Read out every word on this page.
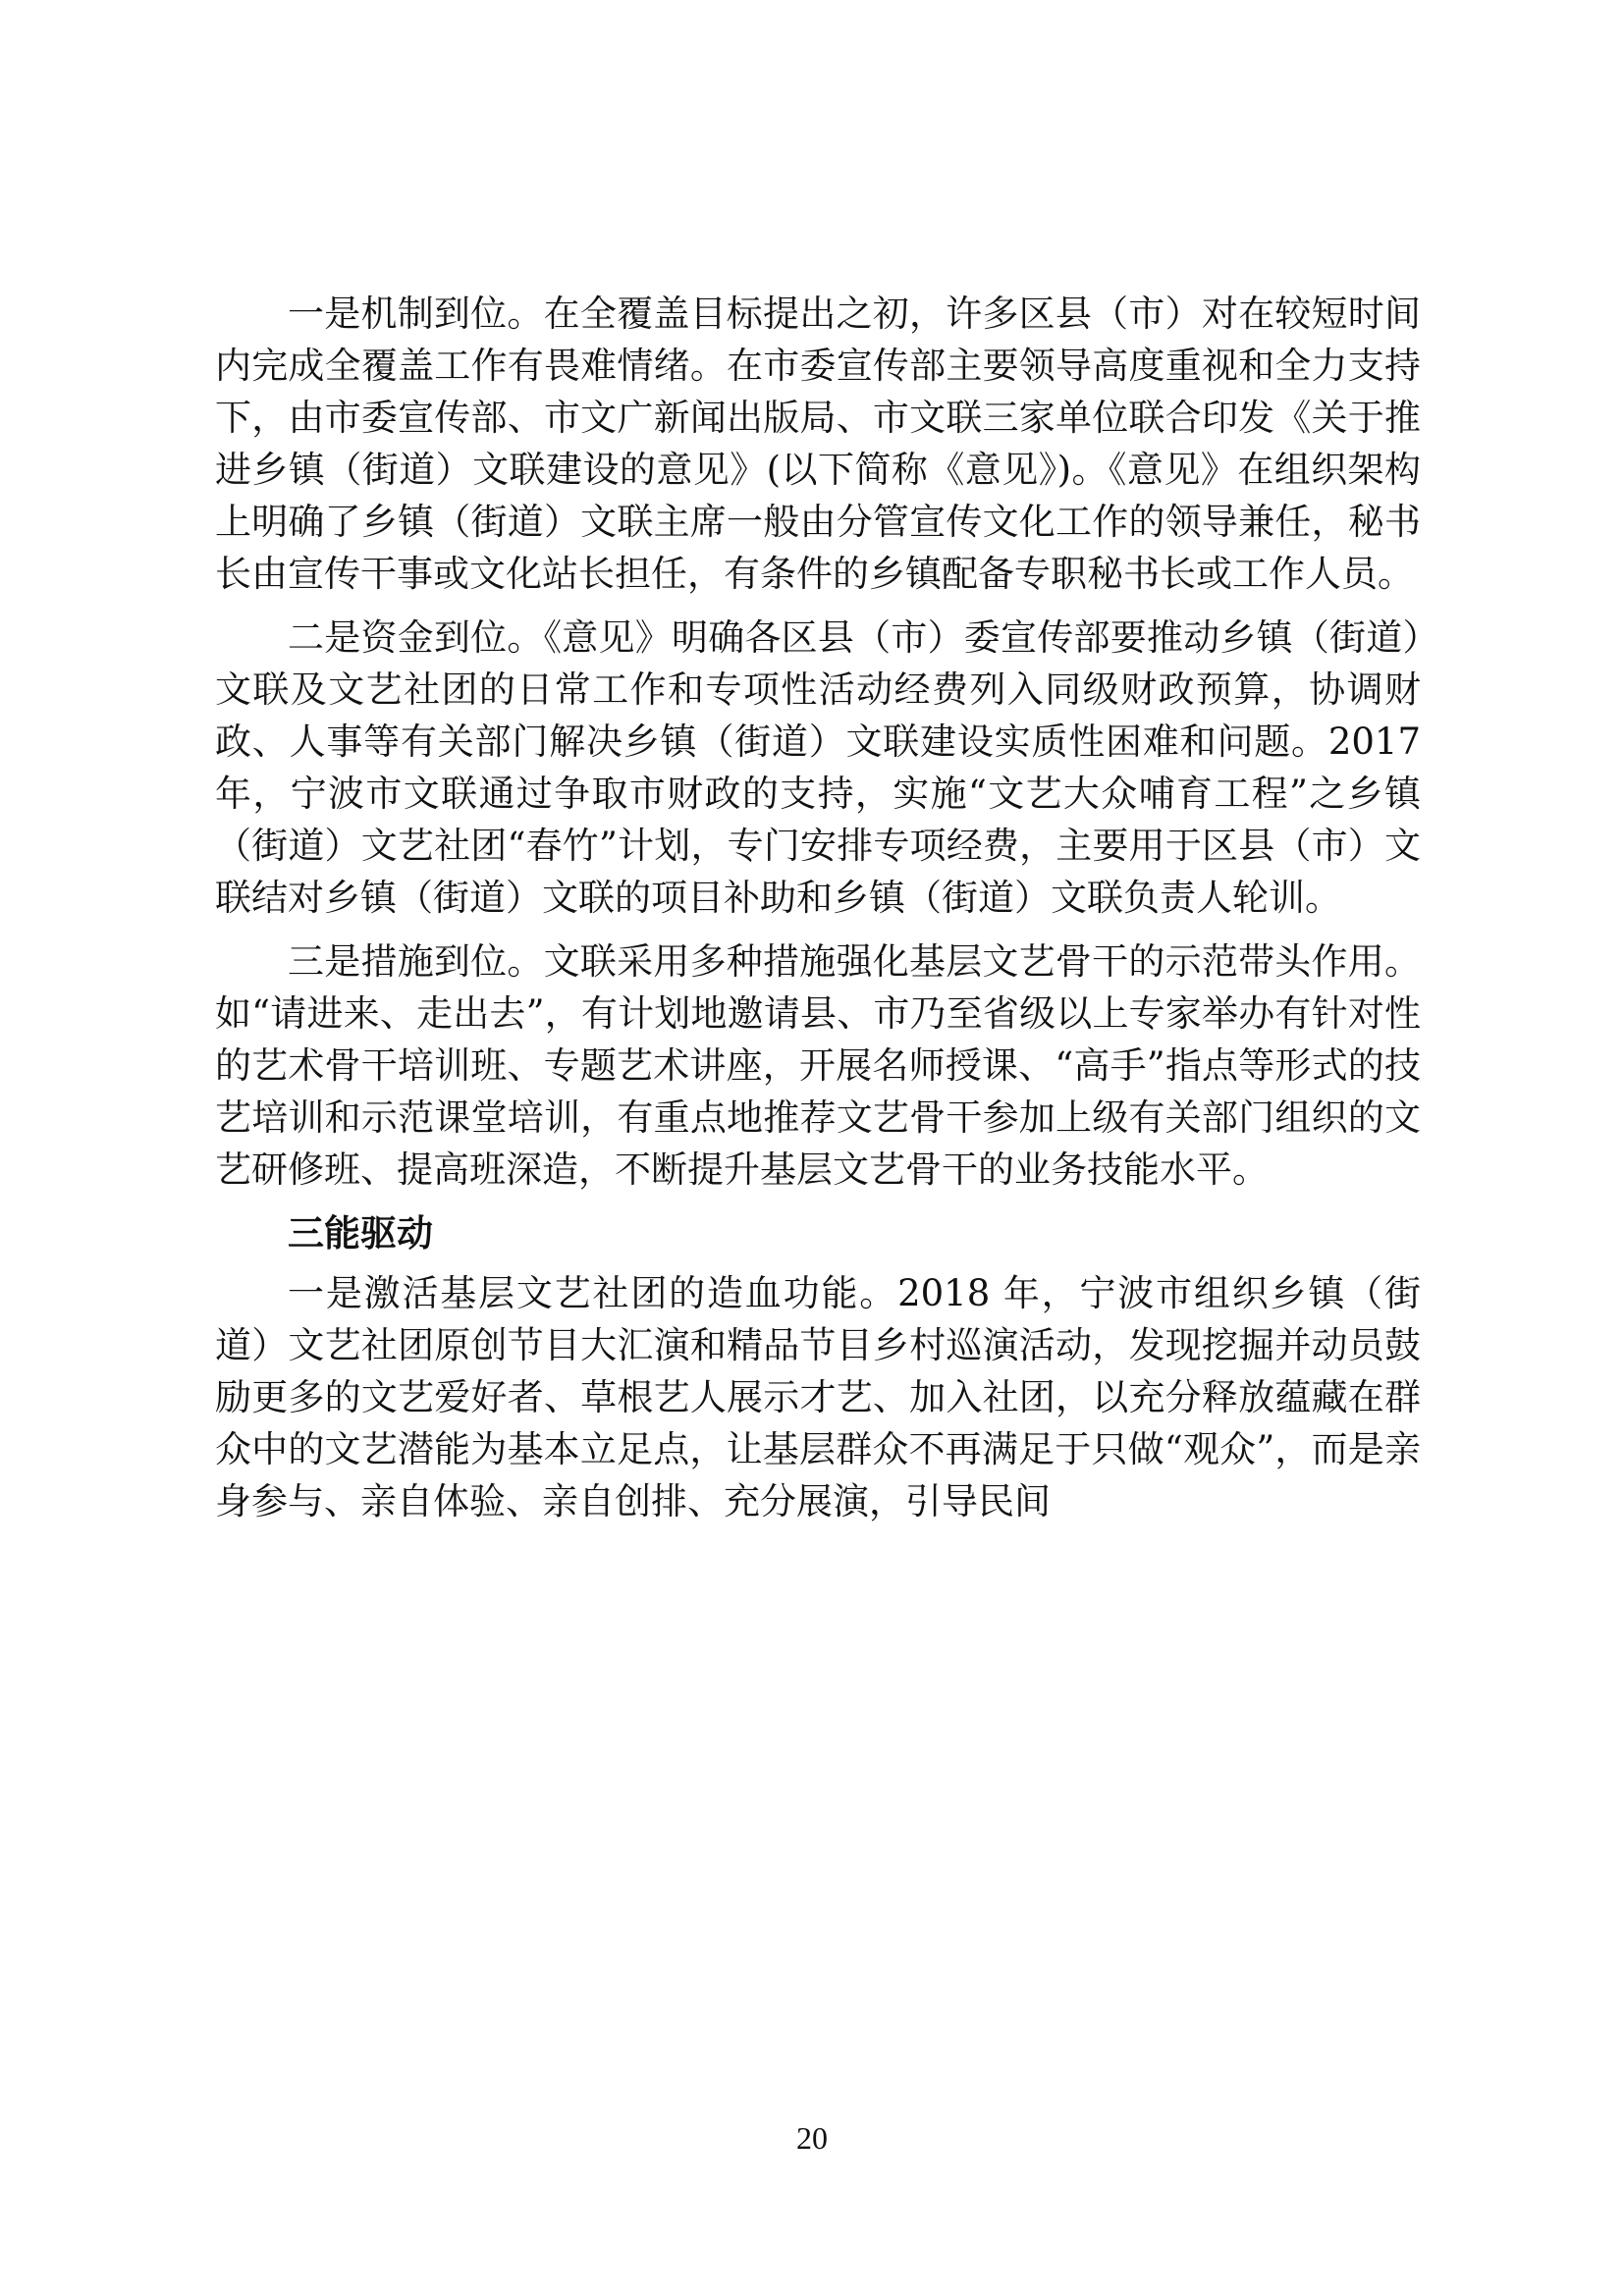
一是机制到位。在全覆盖目标提出之初，许多区县（市）对在较短时间内完成全覆盖工作有畏难情绪。在市委宣传部主要领导高度重视和全力支持下，由市委宣传部、市文广新闻出版局、市文联三家单位联合印发《关于推进乡镇（街道）文联建设的意见》(以下简称《意见》)。《意见》在组织架构上明确了乡镇（街道）文联主席一般由分管宣传文化工作的领导兼任，秘书长由宣传干事或文化站长担任，有条件的乡镇配备专职秘书长或工作人员。

二是资金到位。《意见》明确各区县（市）委宣传部要推动乡镇（街道）文联及文艺社团的日常工作和专项性活动经费列入同级财政预算，协调财政、人事等有关部门解决乡镇（街道）文联建设实质性困难和问题。2017 年，宁波市文联通过争取市财政的支持，实施“文艺大众哺育工程”之乡镇（街道）文艺社团“春竹”计划，专门安排专项经费，主要用于区县（市）文联结对乡镇（街道）文联的项目补助和乡镇（街道）文联负责人轮训。

三是措施到位。文联采用多种措施强化基层文艺骨干的示范带头作用。如“请进来、走出去”，有计划地邀请县、市乃至省级以上专家举办有针对性的艺术骨干培训班、专题艺术讲座，开展名师授课、“高手”指点等形式的技艺培训和示范课堂培训，有重点地推荐文艺骨干参加上级有关部门组织的文艺研修班、提高班深造，不断提升基层文艺骨干的业务技能水平。

三能驱动

一是激活基层文艺社团的造血功能。2018 年，宁波市组织乡镇（街道）文艺社团原创节目大汇演和精品节目乡村巡演活动，发现挖掘并动员鼓励更多的文艺爱好者、草根艺人展示才艺、加入社团，以充分释放蕴藏在群众中的文艺潜能为基本立足点，让基层群众不再满足于只做“观众”，而是亲身参与、亲自体验、亲自创排、充分展演，引导民间

20
